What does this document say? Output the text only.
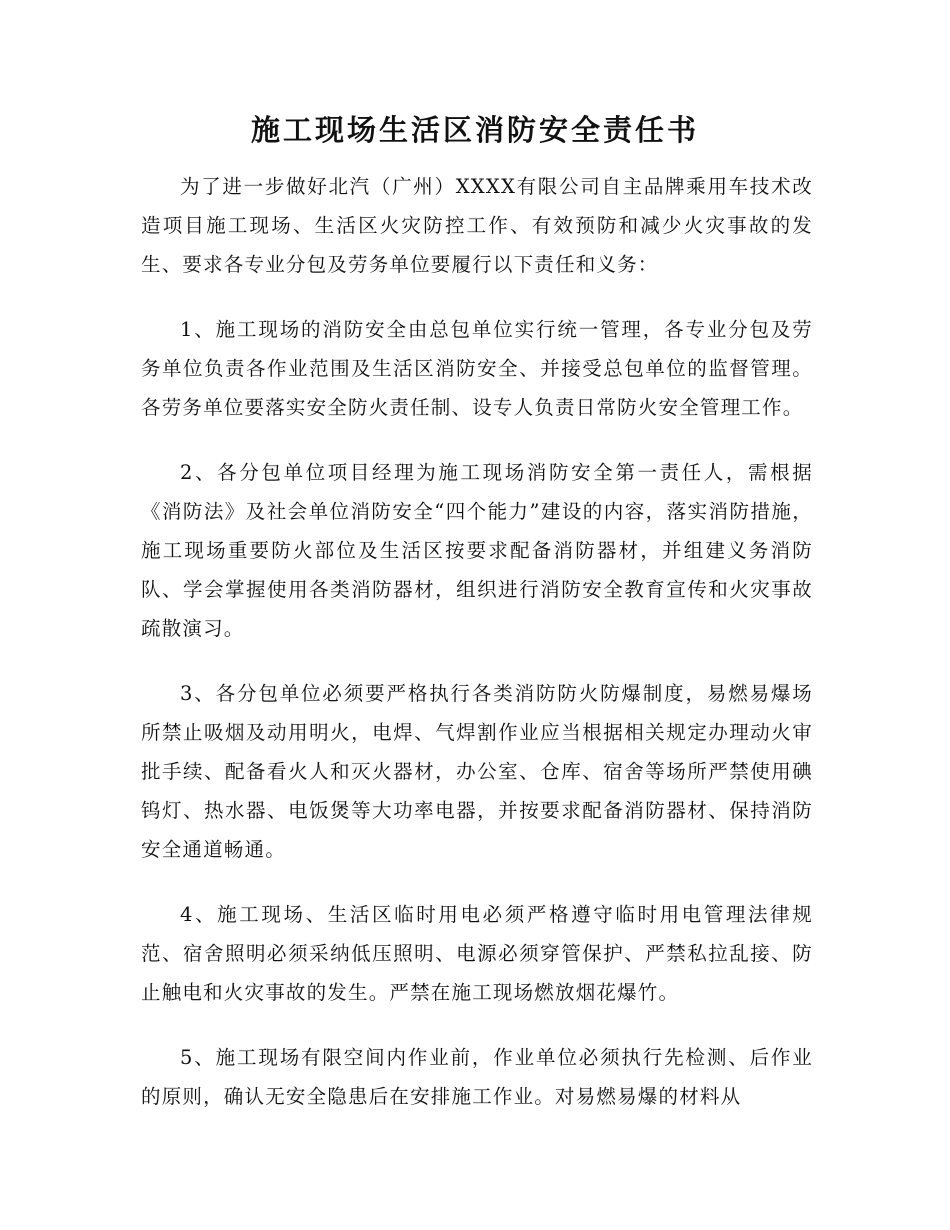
施工现场生活区消防安全责任书

为了进一步做好北汽（广州）XXXX有限公司自主品牌乘用车技术改造项目施工现场、生活区火灾防控工作、有效预防和减少火灾事故的发生、要求各专业分包及劳务单位要履行以下责任和义务：

1、施工现场的消防安全由总包单位实行统一管理，各专业分包及劳务单位负责各作业范围及生活区消防安全、并接受总包单位的监督管理。各劳务单位要落实安全防火责任制、设专人负责日常防火安全管理工作。

2、各分包单位项目经理为施工现场消防安全第一责任人，需根据《消防法》及社会单位消防安全“四个能力”建设的内容，落实消防措施，施工现场重要防火部位及生活区按要求配备消防器材，并组建义务消防队、学会掌握使用各类消防器材，组织进行消防安全教育宣传和火灾事故疏散演习。

3、各分包单位必须要严格执行各类消防防火防爆制度，易燃易爆场所禁止吸烟及动用明火，电焊、气焊割作业应当根据相关规定办理动火审批手续、配备看火人和灭火器材，办公室、仓库、宿舍等场所严禁使用碘钨灯、热水器、电饭煲等大功率电器，并按要求配备消防器材、保持消防安全通道畅通。

4、施工现场、生活区临时用电必须严格遵守临时用电管理法律规范、宿舍照明必须采纳低压照明、电源必须穿管保护、严禁私拉乱接、防止触电和火灾事故的发生。严禁在施工现场燃放烟花爆竹。

5、施工现场有限空间内作业前，作业单位必须执行先检测、后作业的原则，确认无安全隐患后在安排施工作业。对易燃易爆的材料从
